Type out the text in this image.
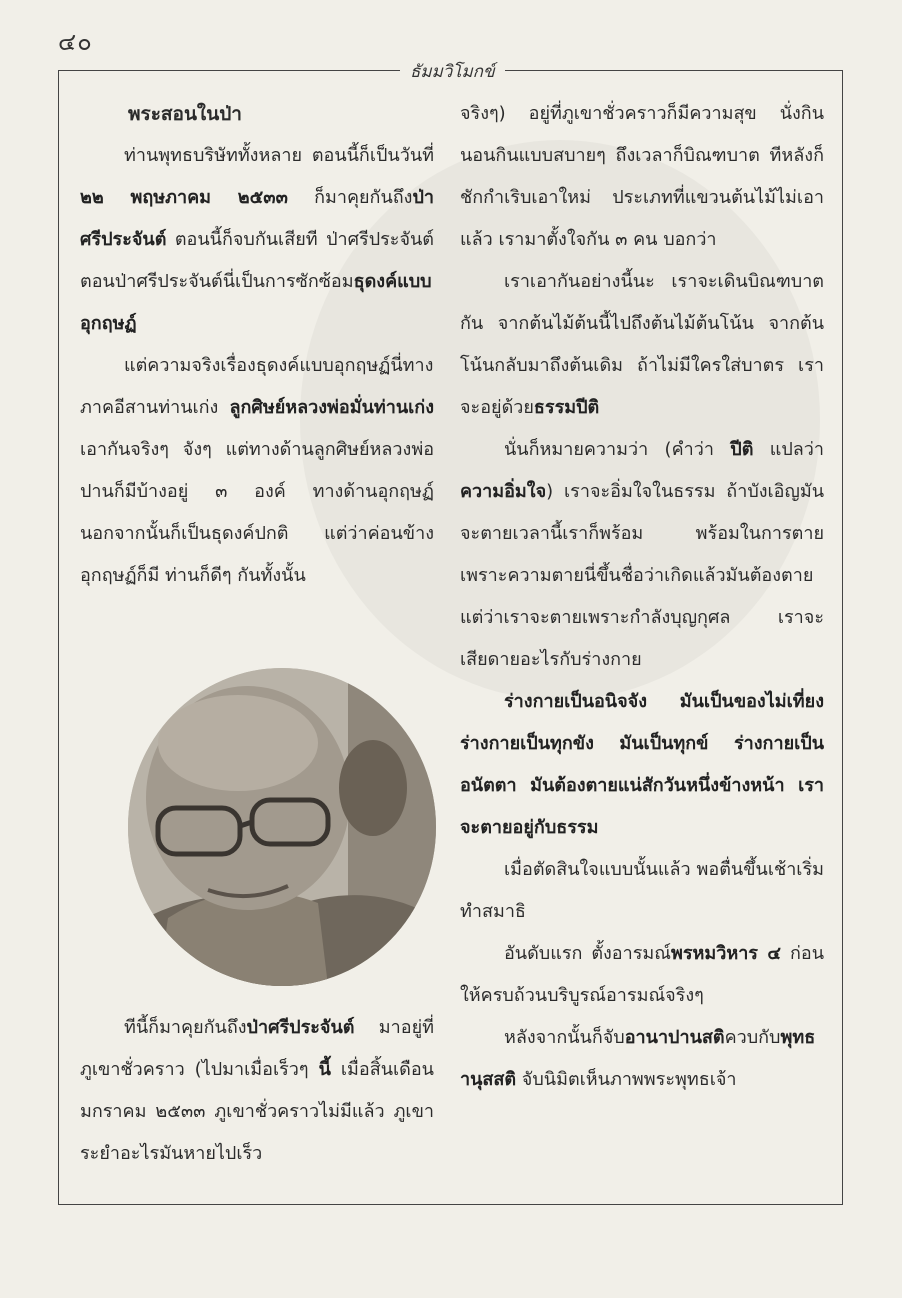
๔๐
ธัมมวิโมกข์

พระสอนในป่า

ท่านพุทธบริษัททั้งหลาย ตอนนี้ก็เป็นวันที่ ๒๒ พฤษภาคม ๒๕๓๓ ก็มาคุยกันถึงป่าศรีประจันต์ ตอนนี้ก็จบกันเสียที ป่าศรีประจันต์ ตอนป่าศรีประจันต์นี่เป็นการซักซ้อมธุดงค์แบบอุกฤษฏ์

แต่ความจริงเรื่องธุดงค์แบบอุกฤษฏ์นี่ทางภาคอีสานท่านเก่ง ลูกศิษย์หลวงพ่อมั่นท่านเก่ง เอากันจริงๆ จังๆ แต่ทางด้านลูกศิษย์หลวงพ่อปานก็มีบ้างอยู่ ๓ องค์ ทางด้านอุกฤษฏ์ นอกจากนั้นก็เป็นธุดงค์ปกติ แต่ว่าค่อนข้างอุกฤษฏ์ก็มี ท่านก็ดีๆ กันทั้งนั้น

ทีนี้ก็มาคุยกันถึงป่าศรีประจันต์ มาอยู่ที่ภูเขาชั่วคราว (ไปมาเมื่อเร็วๆ นี้ เมื่อสิ้นเดือนมกราคม ๒๕๓๓ ภูเขาชั่วคราวไม่มีแล้ว ภูเขาระยำอะไรมันหายไปเร็ว

จริงๆ) อยู่ที่ภูเขาชั่วคราวก็มีความสุข นั่งกินนอนกินแบบสบายๆ ถึงเวลาก็บิณฑบาต ทีหลังก็ชักกำเริบเอาใหม่ ประเภทที่แขวนต้นไม้ไม่เอาแล้ว เรามาตั้งใจกัน ๓ คน บอกว่า

เราเอากันอย่างนี้นะ เราจะเดินบิณฑบาตกัน จากต้นไม้ต้นนี้ไปถึงต้นไม้ต้นโน้น จากต้นโน้นกลับมาถึงต้นเดิม ถ้าไม่มีใครใส่บาตร เราจะอยู่ด้วยธรรมปีติ

นั่นก็หมายความว่า (คำว่า ปีติ แปลว่า ความอิ่มใจ) เราจะอิ่มใจในธรรม ถ้าบังเอิญมันจะตายเวลานี้เราก็พร้อม พร้อมในการตาย เพราะความตายนี่ขึ้นชื่อว่าเกิดแล้วมันต้องตาย แต่ว่าเราจะตายเพราะกำลังบุญกุศล เราจะเสียดายอะไรกับร่างกาย

ร่างกายเป็นอนิจจัง มันเป็นของไม่เที่ยง ร่างกายเป็นทุกขัง มันเป็นทุกข์ ร่างกายเป็นอนัตตา มันต้องตายแน่สักวันหนึ่งข้างหน้า เราจะตายอยู่กับธรรม

เมื่อตัดสินใจแบบนั้นแล้ว พอตื่นขึ้นเช้าเริ่มทำสมาธิ

อันดับแรก ตั้งอารมณ์พรหมวิหาร ๔ ก่อน ให้ครบถ้วนบริบูรณ์อารมณ์จริงๆ

หลังจากนั้นก็จับอานาปานสติควบกับพุทธานุสสติ จับนิมิตเห็นภาพพระพุทธเจ้า
